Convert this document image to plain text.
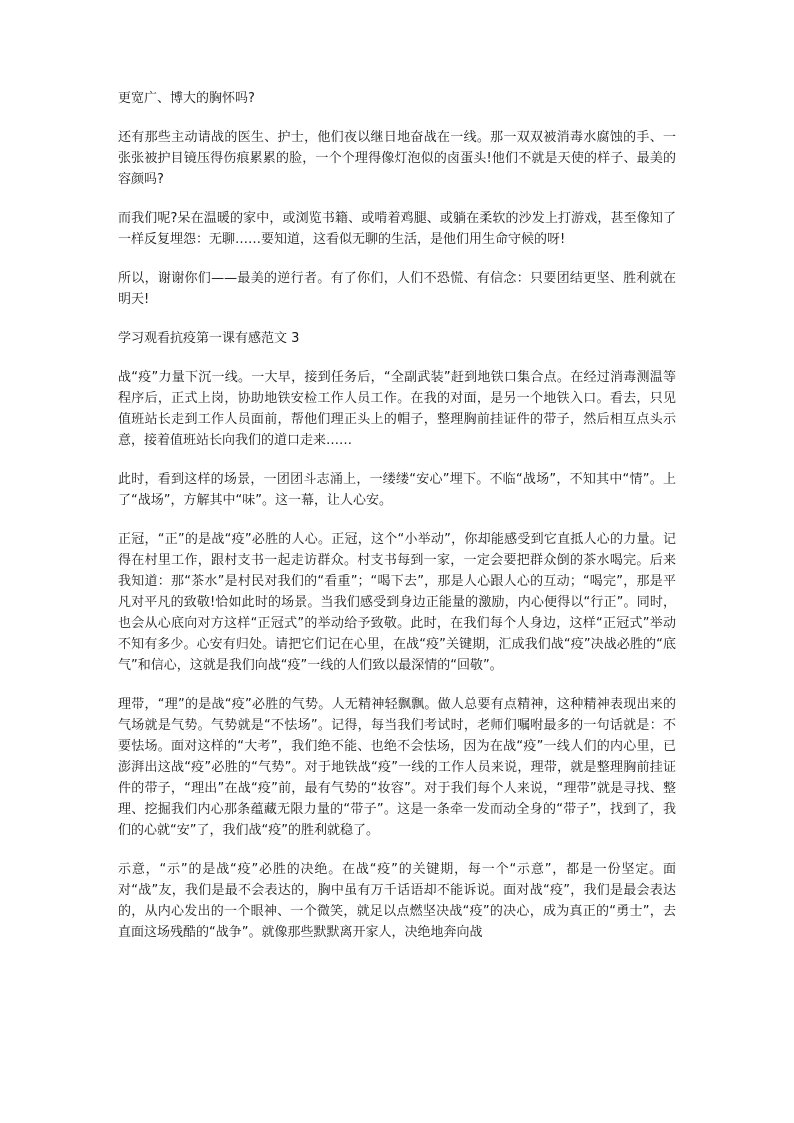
更宽广、博大的胸怀吗?

还有那些主动请战的医生、护士，他们夜以继日地奋战在一线。那一双双被消毒水腐蚀的手、一张张被护目镜压得伤痕累累的脸，一个个理得像灯泡似的卤蛋头!他们不就是天使的样子、最美的容颜吗?

而我们呢?呆在温暖的家中，或浏览书籍、或啃着鸡腿、或躺在柔软的沙发上打游戏，甚至像知了一样反复埋怨：无聊……要知道，这看似无聊的生活，是他们用生命守候的呀!

所以，谢谢你们——最美的逆行者。有了你们，人们不恐慌、有信念：只要团结更坚、胜利就在明天!

学习观看抗疫第一课有感范文 3

战“疫”力量下沉一线。一大早，接到任务后，“全副武装”赶到地铁口集合点。在经过消毒测温等程序后，正式上岗，协助地铁安检工作人员工作。在我的对面，是另一个地铁入口。看去，只见值班站长走到工作人员面前，帮他们理正头上的帽子，整理胸前挂证件的带子，然后相互点头示意，接着值班站长向我们的道口走来……

此时，看到这样的场景，一团团斗志涌上，一缕缕“安心”埋下。不临“战场”，不知其中“情”。上了“战场”，方解其中“味”。这一幕，让人心安。

正冠，“正”的是战“疫”必胜的人心。正冠，这个“小举动”，你却能感受到它直抵人心的力量。记得在村里工作，跟村支书一起走访群众。村支书每到一家，一定会要把群众倒的茶水喝完。后来我知道：那“茶水”是村民对我们的“看重”；“喝下去”，那是人心跟人心的互动；“喝完”，那是平凡对平凡的致敬!恰如此时的场景。当我们感受到身边正能量的激励，内心便得以“行正”。同时，也会从心底向对方这样“正冠式”的举动给予致敬。此时，在我们每个人身边，这样“正冠式”举动不知有多少。心安有归处。请把它们记在心里，在战“疫”关键期，汇成我们战“疫”决战必胜的“底气”和信心，这就是我们向战“疫”一线的人们致以最深情的“回敬”。

理带，“理”的是战“疫”必胜的气势。人无精神轻飘飘。做人总要有点精神，这种精神表现出来的气场就是气势。气势就是“不怯场”。记得，每当我们考试时，老师们嘱咐最多的一句话就是：不要怯场。面对这样的“大考”，我们绝不能、也绝不会怯场，因为在战“疫”一线人们的内心里，已澎湃出这战“疫”必胜的“气势”。对于地铁战“疫”一线的工作人员来说，理带，就是整理胸前挂证件的带子，“理出”在战“疫”前，最有气势的“妆容”。对于我们每个人来说，“理带”就是寻找、整理、挖掘我们内心那条蕴藏无限力量的“带子”。这是一条牵一发而动全身的“带子”，找到了，我们的心就“安”了，我们战“疫”的胜利就稳了。

示意，“示”的是战“疫”必胜的决绝。在战“疫”的关键期，每一个“示意”，都是一份坚定。面对“战”友，我们是最不会表达的，胸中虽有万千话语却不能诉说。面对战“疫”，我们是最会表达的，从内心发出的一个眼神、一个微笑，就足以点燃坚决战“疫”的决心，成为真正的“勇士”，去直面这场残酷的“战争”。就像那些默默离开家人，决绝地奔向战
